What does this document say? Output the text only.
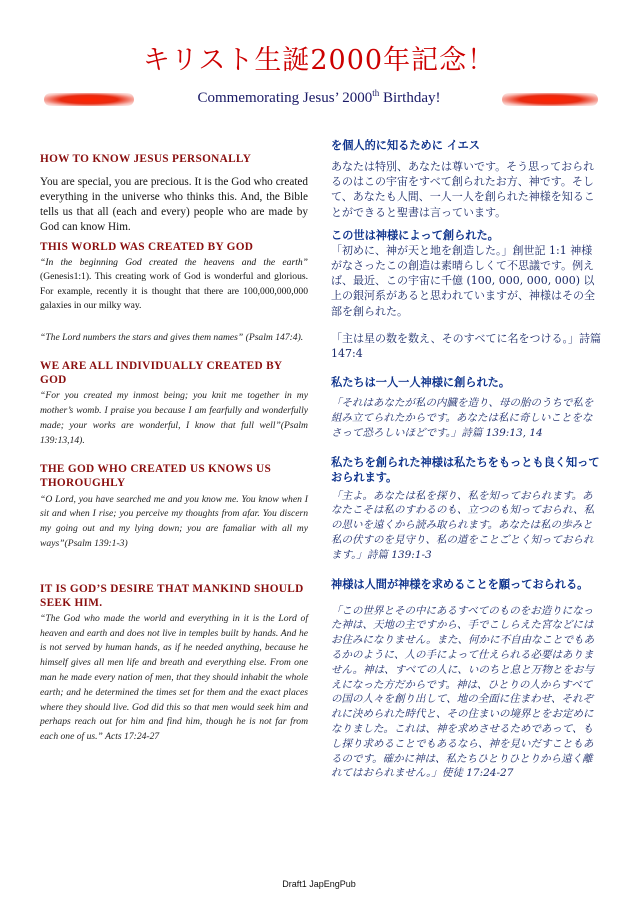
キリスト生誕2000年記念！
Commemorating Jesus’ 2000th Birthday!
HOW TO KNOW JESUS PERSONALLY
You are special, you are precious. It is the God who created everything in the universe who thinks this. And, the Bible tells us that all (each and every) people who are made by God can know Him.
THIS WORLD WAS CREATED BY GOD
“In the beginning God created the heavens and the earth” (Genesis1:1). This creating work of God is wonderful and glorious. For example, recently it is thought that there are 100,000,000,000 galaxies in our milky way.
“The Lord numbers the stars and gives them names” (Psalm 147:4).
WE ARE ALL INDIVIDUALLY CREATED BY GOD
“For you created my inmost being; you knit me together in my mother’s womb. I praise you because I am fearfully and wonderfully made; your works are wonderful, I know that full well”(Psalm 139:13,14).
THE GOD WHO CREATED US KNOWS US THOROUGHLY
“O Lord, you have searched me and you know me. You know when I sit and when I rise; you perceive my thoughts from afar. You discern my going out and my lying down; you are famaliar with all my ways”(Psalm 139:1-3)
IT IS GOD’S DESIRE THAT MANKIND SHOULD SEEK HIM.
“The God who made the world and everything in it is the Lord of heaven and earth and does not live in temples built by hands. And he is not served by human hands, as if he needed anything, because he himself gives all men life and breath and everything else. From one man he made every nation of men, that they should inhabit the whole earth; and he determined the times set for them and the exact places where they should live. God did this so that men would seek him and perhaps reach out for him and find him, though he is not far from each one of us.” Acts 17:24-27
を個人的に知るために イエス
あなたは特別、あなたは尊いです。そう思っておられるのはこの宇宙をすべて創られたお方、神です。そして、あなたも人間、一人一人を創られた神様を知ることができると聖書は言っています。
この世は神様によって創られた。
「初めに、神が天と地を創造した。」創世記 1:1 神様がなさったこの創造は素晴らしくて不思議です。例えば、最近、この宇宙に千億 (100, 000, 000, 000) 以上の銀河系があると思われていますが、神様はその全部を創られた。
「主は星の数を数え、そのすべてに名をつける。」詩篇 147:4
私たちは一人一人神様に創られた。
「それはあなたが私の内臓を造り、母の胎のうちで私を組み立てられたからです。あなたは私に奇しいことをなさって恐ろしいほどです。」詩篇 139:13, 14
私たちを創られた神様は私たちをもっとも良く知っておられます。
「主よ。あなたは私を探り、私を知っておられます。あなたこそは私のすわるのも、立つのも知っておられ、私の思いを遠くから読み取られます。あなたは私の歩みと私の伏すのを見守り、私の道をことごとく知っておられます。」詩篇 139:1-3
神様は人間が神様を求めることを願っておられる。
「この世界とその中にあるすべてのものをお造りになった神は、天地の主ですから、手でこしらえた宮などにはお住みになりません。また、何かに不自由なことでもあるかのように、人の手によって仕えられる必要はありません。神は、すべての人に、いのちと息と万物とをお与えになった方だからです。神は、ひとりの人からすべての国の人々を創り出して、地の全面に住まわせ、それぞれに決められた時代と、その住まいの境界とをお定めになりました。これは、神を求めさせるためであって、もし探り求めることでもあるなら、神を見いだすこともあるのです。確かに神は、私たちひとりひとりから遠く離れてはおられません。」使徒 17:24-27
Draft1 JapEngPub
